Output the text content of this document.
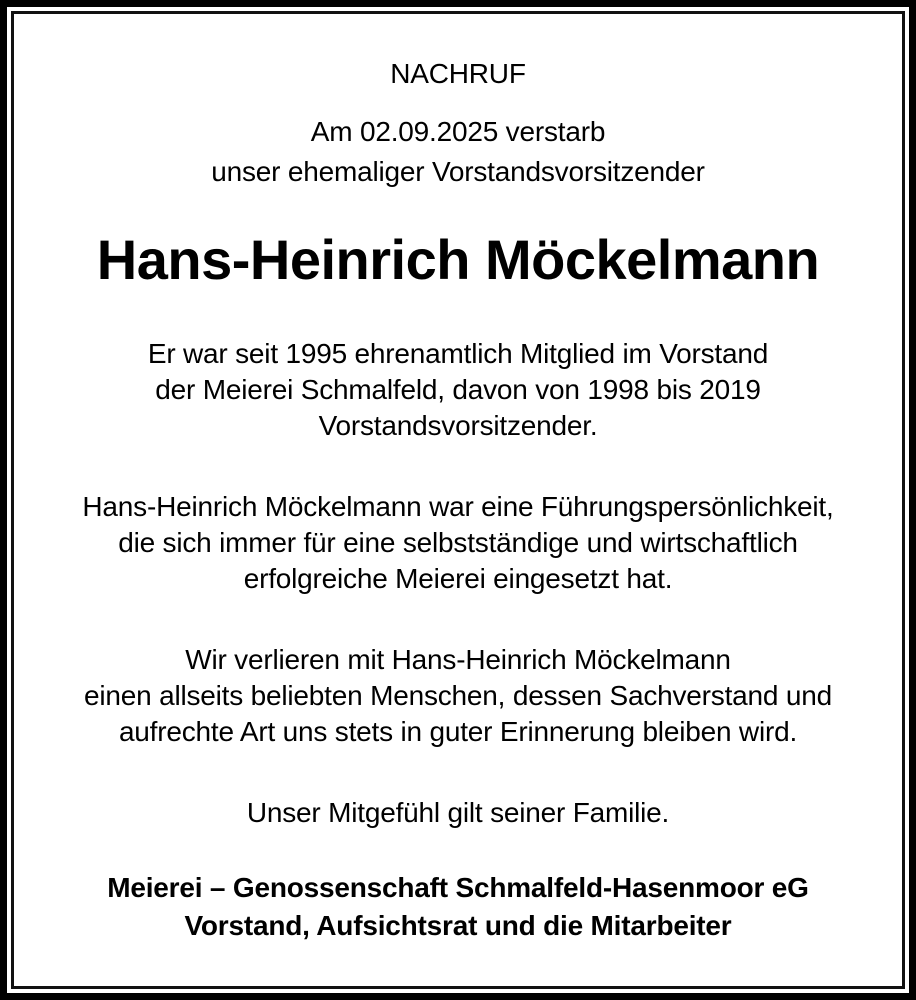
NACHRUF
Am 02.09.2025 verstarb
unser ehemaliger Vorstandsvorsitzender
Hans-Heinrich Möckelmann
Er war seit 1995 ehrenamtlich Mitglied im Vorstand
der Meierei Schmalfeld, davon von 1998 bis 2019
Vorstandsvorsitzender.
Hans-Heinrich Möckelmann war eine Führungspersönlichkeit,
die sich immer für eine selbstständige und wirtschaftlich
erfolgreiche Meierei eingesetzt hat.
Wir verlieren mit Hans-Heinrich Möckelmann
einen allseits beliebten Menschen, dessen Sachverstand und
aufrechte Art uns stets in guter Erinnerung bleiben wird.
Unser Mitgefühl gilt seiner Familie.
Meierei – Genossenschaft Schmalfeld-Hasenmoor eG
Vorstand, Aufsichtsrat und die Mitarbeiter
